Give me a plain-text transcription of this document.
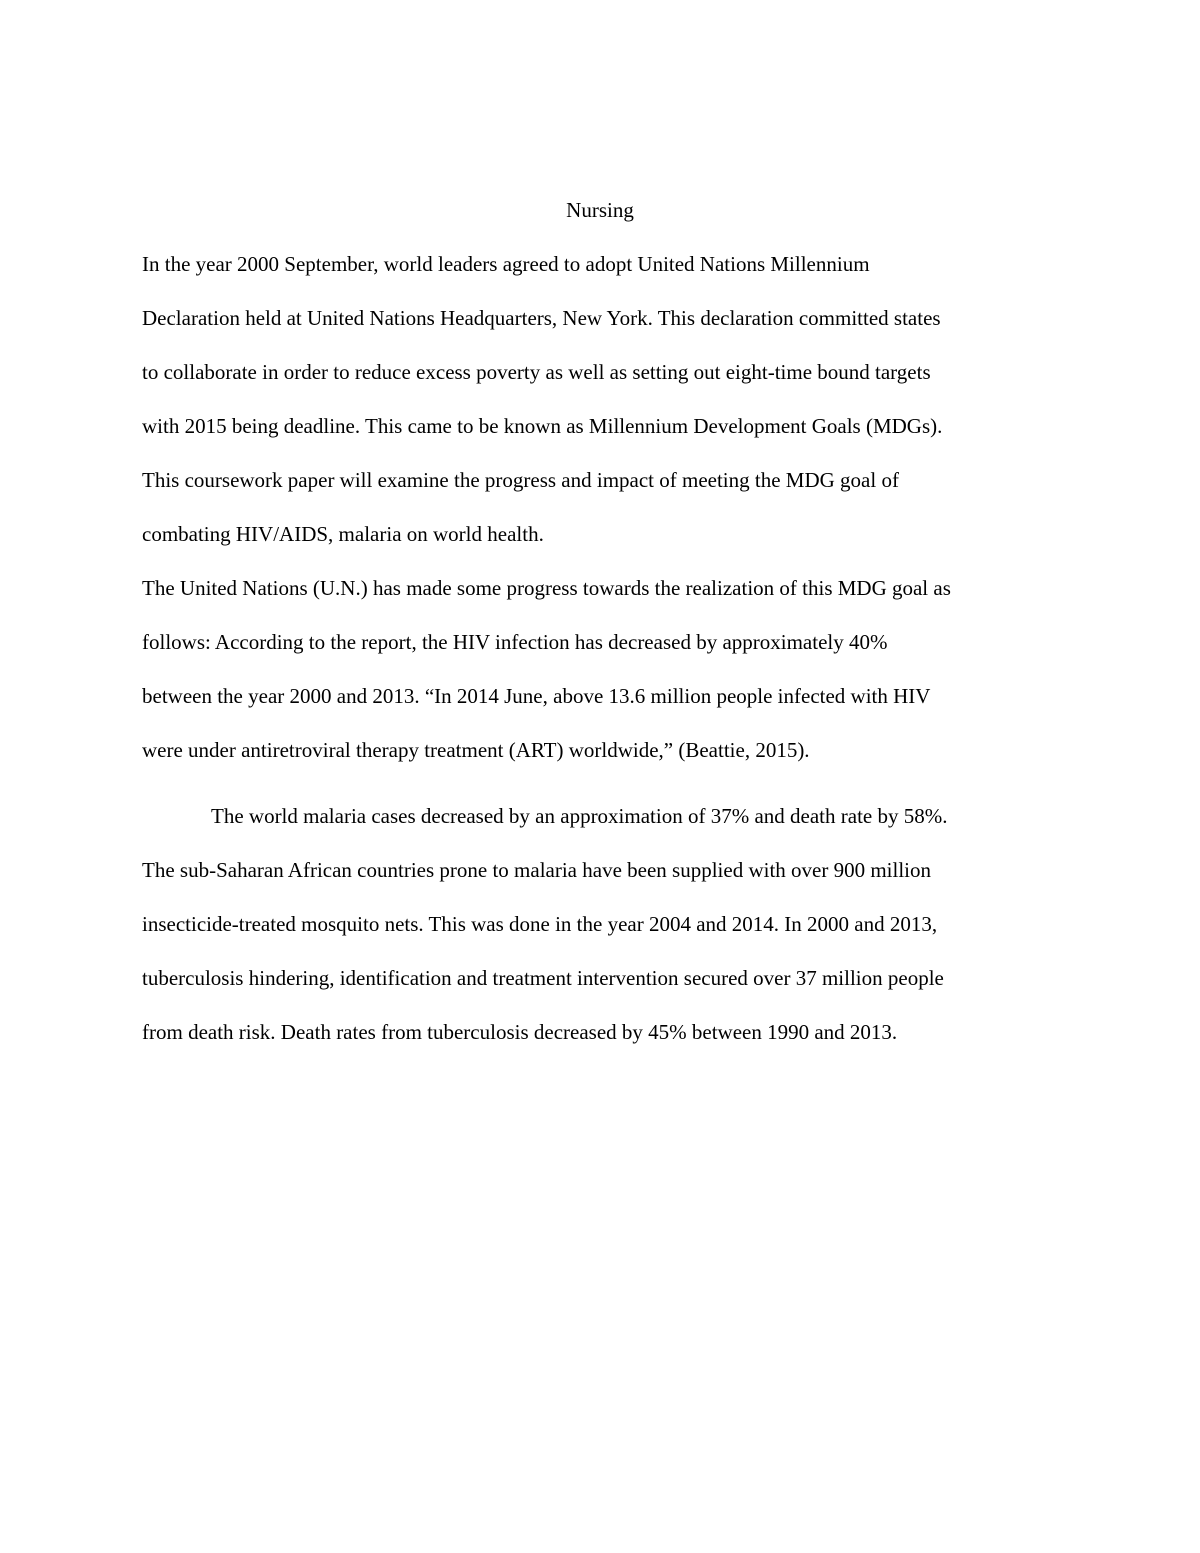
Nursing

In the year 2000 September, world leaders agreed to adopt United Nations Millennium
Declaration held at United Nations Headquarters, New York. This declaration committed states
to collaborate in order to reduce excess poverty as well as setting out eight-time bound targets
with 2015 being deadline. This came to be known as Millennium Development Goals (MDGs).
This coursework paper will examine the progress and impact of meeting the MDG goal of
combating HIV/AIDS, malaria on world health.

The United Nations (U.N.) has made some progress towards the realization of this MDG goal as
follows: According to the report, the HIV infection has decreased by approximately 40%
between the year 2000 and 2013. “In 2014 June, above 13.6 million people infected with HIV
were under antiretroviral therapy treatment (ART) worldwide,” (Beattie, 2015).

The world malaria cases decreased by an approximation of 37% and death rate by 58%.
The sub-Saharan African countries prone to malaria have been supplied with over 900 million
insecticide-treated mosquito nets. This was done in the year 2004 and 2014. In 2000 and 2013,
tuberculosis hindering, identification and treatment intervention secured over 37 million people
from death risk. Death rates from tuberculosis decreased by 45% between 1990 and 2013.
